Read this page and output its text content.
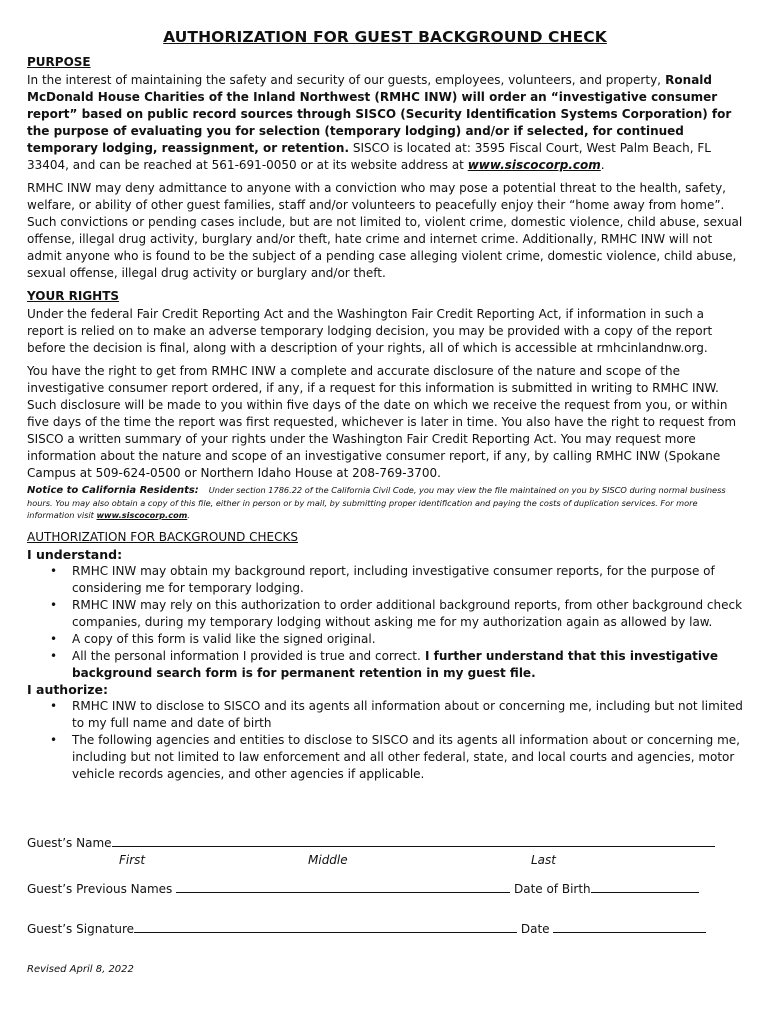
AUTHORIZATION FOR GUEST BACKGROUND CHECK
PURPOSE

In the interest of maintaining the safety and security of our guests, employees, volunteers, and property, Ronald McDonald House Charities of the Inland Northwest (RMHC INW) will order an “investigative consumer report” based on public record sources through SISCO (Security Identification Systems Corporation) for the purpose of evaluating you for selection (temporary lodging) and/or if selected, for continued temporary lodging, reassignment, or retention. SISCO is located at: 3595 Fiscal Court, West Palm Beach, FL 33404, and can be reached at 561-691-0050 or at its website address at www.siscocorp.com.

RMHC INW may deny admittance to anyone with a conviction who may pose a potential threat to the health, safety, welfare, or ability of other guest families, staff and/or volunteers to peacefully enjoy their “home away from home”. Such convictions or pending cases include, but are not limited to, violent crime, domestic violence, child abuse, sexual offense, illegal drug activity, burglary and/or theft, hate crime and internet crime. Additionally, RMHC INW will not admit anyone who is found to be the subject of a pending case alleging violent crime, domestic violence, child abuse, sexual offense, illegal drug activity or burglary and/or theft.

YOUR RIGHTS

Under the federal Fair Credit Reporting Act and the Washington Fair Credit Reporting Act, if information in such a report is relied on to make an adverse temporary lodging decision, you may be provided with a copy of the report before the decision is final, along with a description of your rights, all of which is accessible at rmhcinlandnw.org.

You have the right to get from RMHC INW a complete and accurate disclosure of the nature and scope of the investigative consumer report ordered, if any, if a request for this information is submitted in writing to RMHC INW. Such disclosure will be made to you within five days of the date on which we receive the request from you, or within five days of the time the report was first requested, whichever is later in time. You also have the right to request from SISCO a written summary of your rights under the Washington Fair Credit Reporting Act. You may request more information about the nature and scope of an investigative consumer report, if any, by calling RMHC INW (Spokane Campus at 509-624-0500 or Northern Idaho House at 208-769-3700.

Notice to California Residents: Under section 1786.22 of the California Civil Code, you may view the file maintained on you by SISCO during normal business hours. You may also obtain a copy of this file, either in person or by mail, by submitting proper identification and paying the costs of duplication services. For more information visit www.siscocorp.com.

AUTHORIZATION FOR BACKGROUND CHECKS

I understand:

• RMHC INW may obtain my background report, including investigative consumer reports, for the purpose of considering me for temporary lodging.
• RMHC INW may rely on this authorization to order additional background reports, from other background check companies, during my temporary lodging without asking me for my authorization again as allowed by law.
• A copy of this form is valid like the signed original.
• All the personal information I provided is true and correct. I further understand that this investigative background search form is for permanent retention in my guest file.

I authorize:

• RMHC INW to disclose to SISCO and its agents all information about or concerning me, including but not limited to my full name and date of birth
• The following agencies and entities to disclose to SISCO and its agents all information about or concerning me, including but not limited to law enforcement and all other federal, state, and local courts and agencies, motor vehicle records agencies, and other agencies if applicable.
Guest’s Name
First	Middle	Last
Guest’s Previous Names	Date of Birth
Guest’s Signature	Date
Revised April 8, 2022
